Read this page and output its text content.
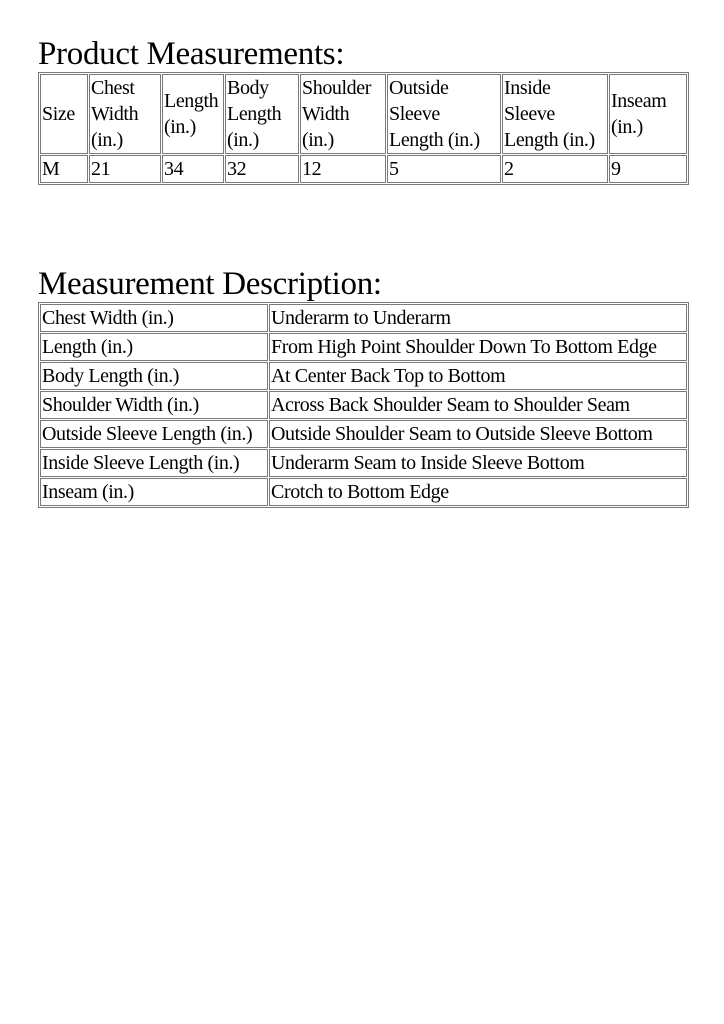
Product Measurements:
Size	Chest
Width
(in.)	Length
(in.)	Body
Length
(in.)	Shoulder
Width
(in.)	Outside
Sleeve
Length (in.)	Inside
Sleeve
Length (in.)	Inseam
(in.)
M	21	34	32	12	5	2	9
Measurement Description:
Chest Width (in.)	Underarm to Underarm
Length (in.)	From High Point Shoulder Down To Bottom Edge
Body Length (in.)	At Center Back Top to Bottom
Shoulder Width (in.)	Across Back Shoulder Seam to Shoulder Seam
Outside Sleeve Length (in.)	Outside Shoulder Seam to Outside Sleeve Bottom
Inside Sleeve Length (in.)	Underarm Seam to Inside Sleeve Bottom
Inseam (in.)	Crotch to Bottom Edge
